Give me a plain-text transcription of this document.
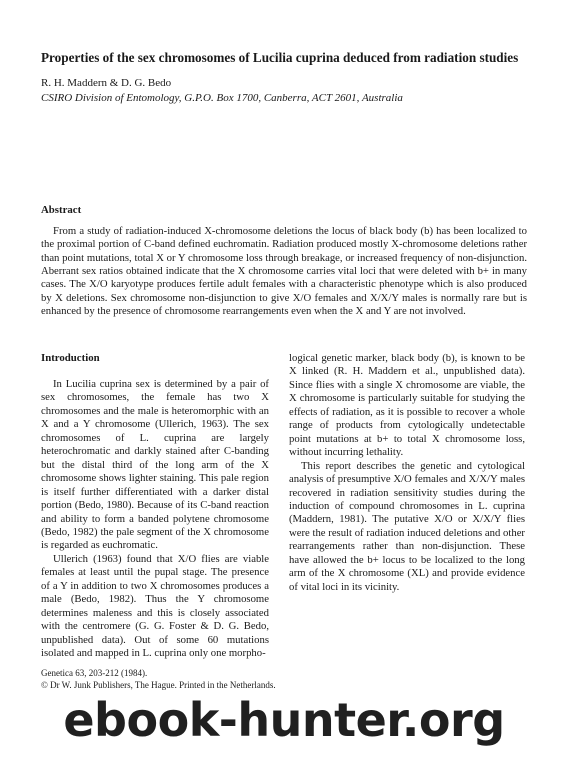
Properties of the sex chromosomes of Lucilia cuprina deduced from radiation studies
R. H. Maddern & D. G. Bedo
CSIRO Division of Entomology, G.P.O. Box 1700, Canberra, ACT 2601, Australia
Abstract

From a study of radiation-induced X-chromosome deletions the locus of black body (b) has been localized to the proximal portion of C-band defined euchromatin. Radiation produced mostly X-chromosome deletions rather than point mutations, total X or Y chromosome loss through breakage, or increased frequency of non-disjunction. Aberrant sex ratios obtained indicate that the X chromosome carries vital loci that were deleted with b+ in many cases. The X/O karyotype produces fertile adult females with a characteristic phenotype which is also produced by X deletions. Sex chromosome non-disjunction to give X/O females and X/X/Y males is normally rare but is enhanced by the presence of chromosome rearrangements even when the X and Y are not involved.

Introduction

In Lucilia cuprina sex is determined by a pair of sex chromosomes, the female has two X chromosomes and the male is heteromorphic with an X and a Y chromosome (Ullerich, 1963). The sex chromosomes of L. cuprina are largely heterochromatic and darkly stained after C-banding but the distal third of the long arm of the X chromosome shows lighter staining. This pale region is itself further differentiated with a darker distal portion (Bedo, 1980). Because of its C-band reaction and ability to form a banded polytene chromosome (Bedo, 1982) the pale segment of the X chromosome is regarded as euchromatic.

Ullerich (1963) found that X/O flies are viable females at least until the pupal stage. The presence of a Y in addition to two X chromosomes produces a male (Bedo, 1982). Thus the Y chromosome determines maleness and this is closely associated with the centromere (G. G. Foster & D. G. Bedo, unpublished data). Out of some 60 mutations isolated and mapped in L. cuprina only one morpho-

logical genetic marker, black body (b), is known to be X linked (R. H. Maddern et al., unpublished data). Since flies with a single X chromosome are viable, the X chromosome is particularly suitable for studying the effects of radiation, as it is possible to recover a whole range of products from cytologically undetectable point mutations at b+ to total X chromosome loss, without incurring lethality.

This report describes the genetic and cytological analysis of presumptive X/O females and X/X/Y males recovered in radiation sensitivity studies during the induction of compound chromosomes in L. cuprina (Maddern, 1981). The putative X/O or X/X/Y flies were the result of radiation induced deletions and other rearrangements rather than non-disjunction. These have allowed the b+ locus to be localized to the long arm of the X chromosome (XL) and provide evidence of vital loci in its vicinity.

Genetica 63, 203-212 (1984).
© Dr W. Junk Publishers, The Hague. Printed in the Netherlands.
ebook-hunter.org
